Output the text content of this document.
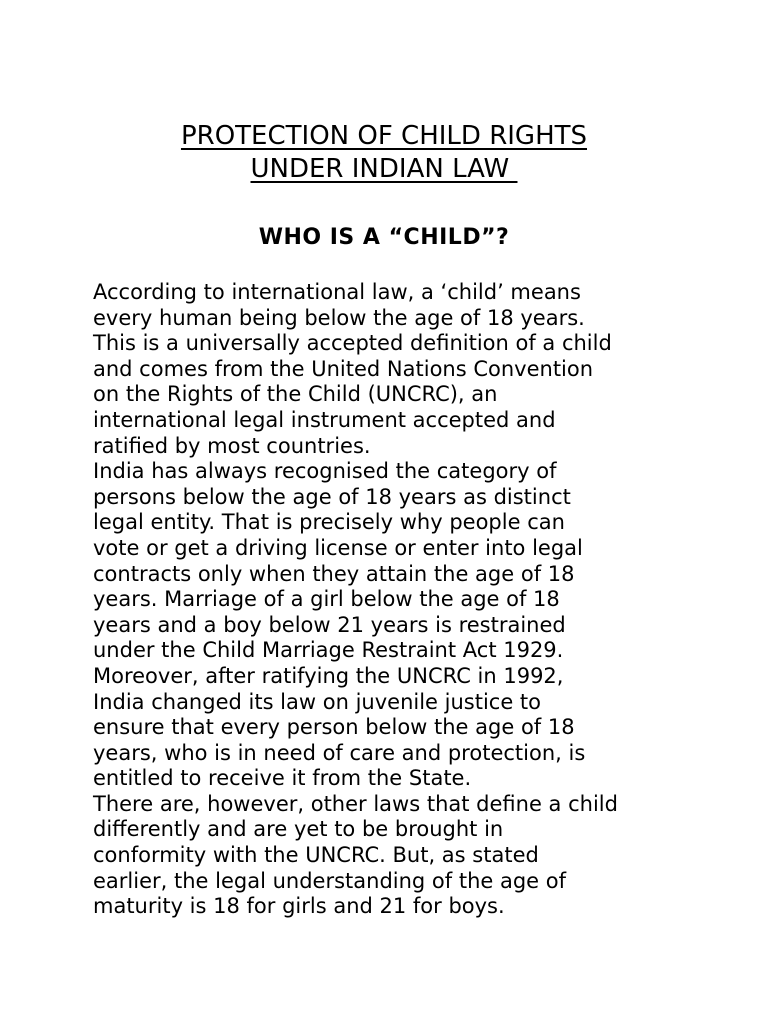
PROTECTION OF CHILD RIGHTS
UNDER INDIAN LAW
WHO IS A “CHILD”?
According to international law, a ‘child’ means
every human being below the age of 18 years.
This is a universally accepted definition of a child
and comes from the United Nations Convention
on the Rights of the Child (UNCRC), an
international legal instrument accepted and
ratified by most countries.
India has always recognised the category of
persons below the age of 18 years as distinct
legal entity. That is precisely why people can
vote or get a driving license or enter into legal
contracts only when they attain the age of 18
years. Marriage of a girl below the age of 18
years and a boy below 21 years is restrained
under the Child Marriage Restraint Act 1929.
Moreover, after ratifying the UNCRC in 1992,
India changed its law on juvenile justice to
ensure that every person below the age of 18
years, who is in need of care and protection, is
entitled to receive it from the State.
There are, however, other laws that define a child
differently and are yet to be brought in
conformity with the UNCRC. But, as stated
earlier, the legal understanding of the age of
maturity is 18 for girls and 21 for boys.
